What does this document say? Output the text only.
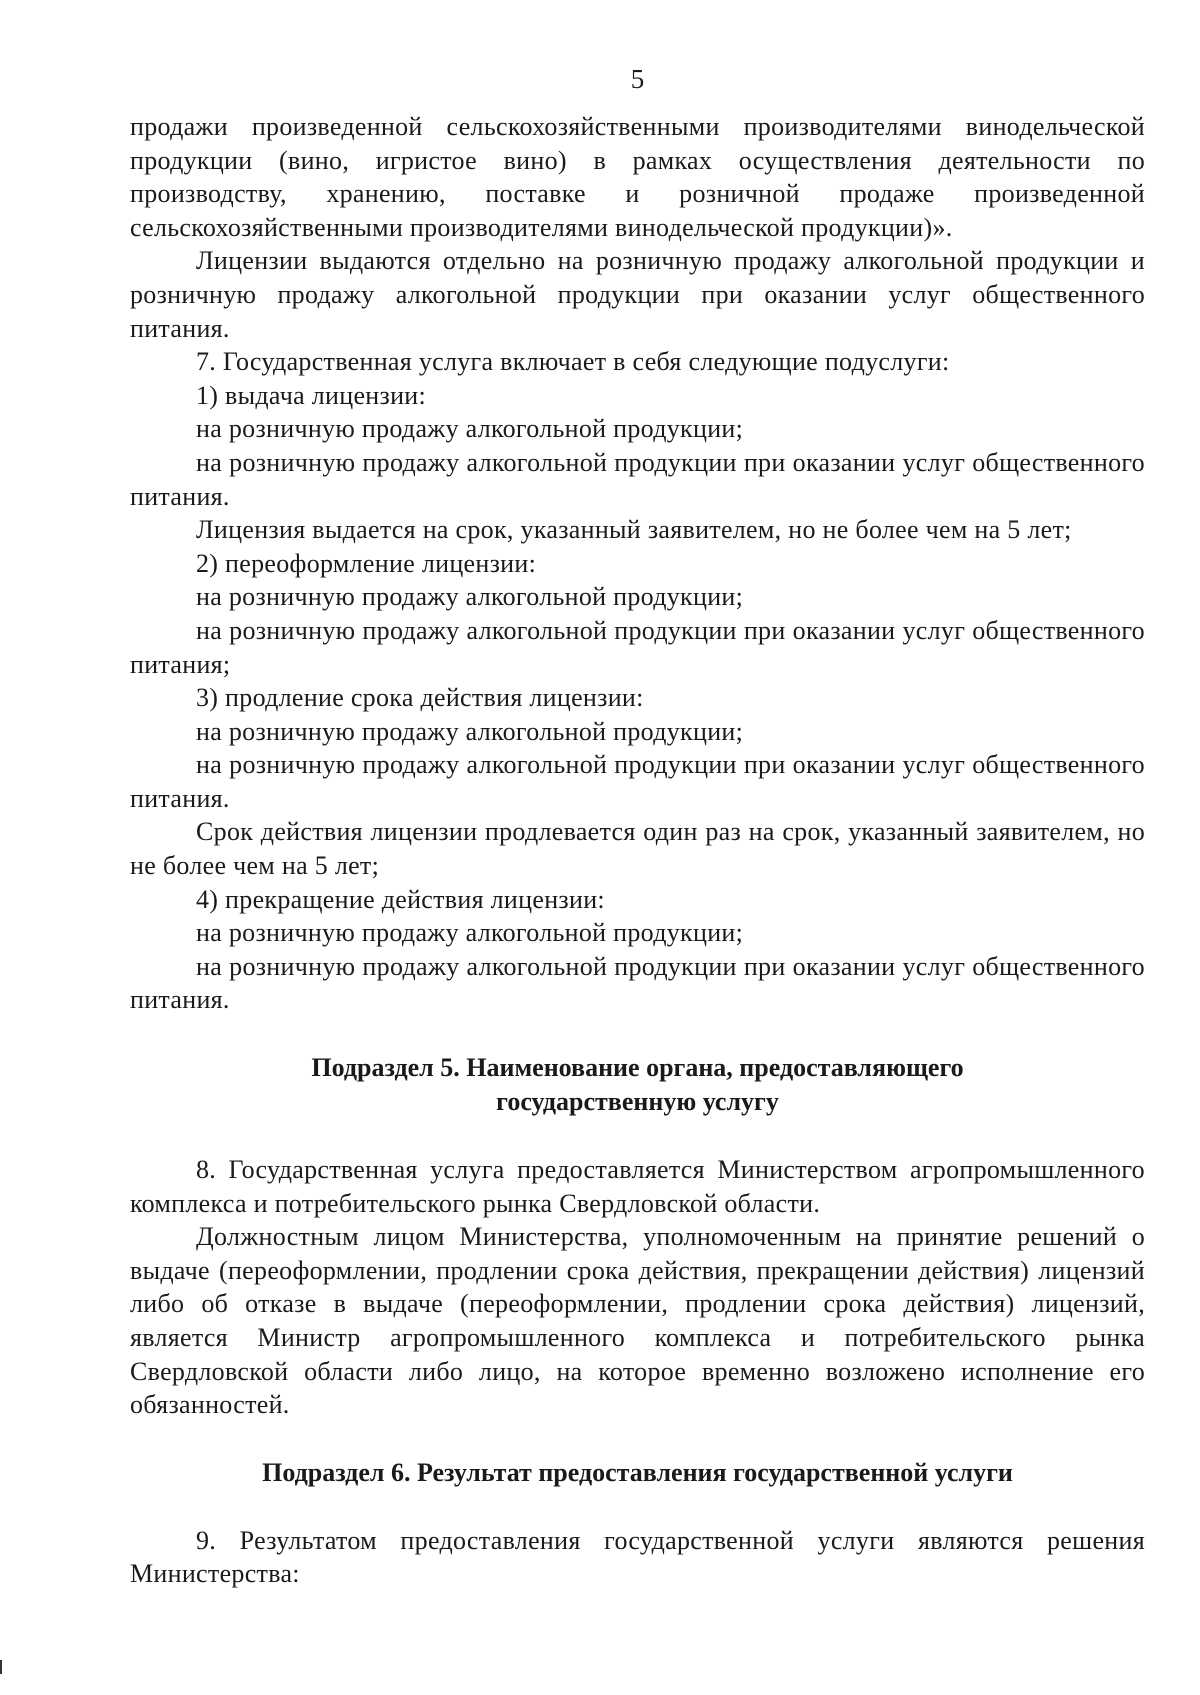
5

продажи произведенной сельскохозяйственными производителями винодельческой продукции (вино, игристое вино) в рамках осуществления деятельности по производству, хранению, поставке и розничной продаже произведенной сельскохозяйственными производителями винодельческой продукции)».

Лицензии выдаются отдельно на розничную продажу алкогольной продукции и розничную продажу алкогольной продукции при оказании услуг общественного питания.

7. Государственная услуга включает в себя следующие подуслуги:

1) выдача лицензии:

на розничную продажу алкогольной продукции;

на розничную продажу алкогольной продукции при оказании услуг общественного питания.

Лицензия выдается на срок, указанный заявителем, но не более чем на 5 лет;

2) переоформление лицензии:

на розничную продажу алкогольной продукции;

на розничную продажу алкогольной продукции при оказании услуг общественного питания;

3) продление срока действия лицензии:

на розничную продажу алкогольной продукции;

на розничную продажу алкогольной продукции при оказании услуг общественного питания.

Срок действия лицензии продлевается один раз на срок, указанный заявителем, но не более чем на 5 лет;

4) прекращение действия лицензии:

на розничную продажу алкогольной продукции;

на розничную продажу алкогольной продукции при оказании услуг общественного питания.

Подраздел 5. Наименование органа, предоставляющего
государственную услугу

8. Государственная услуга предоставляется Министерством агропромышленного комплекса и потребительского рынка Свердловской области.

Должностным лицом Министерства, уполномоченным на принятие решений о выдаче (переоформлении, продлении срока действия, прекращении действия) лицензий либо об отказе в выдаче (переоформлении, продлении срока действия) лицензий, является Министр агропромышленного комплекса и потребительского рынка Свердловской области либо лицо, на которое временно возложено исполнение его обязанностей.

Подраздел 6. Результат предоставления государственной услуги

9. Результатом предоставления государственной услуги являются решения Министерства:
